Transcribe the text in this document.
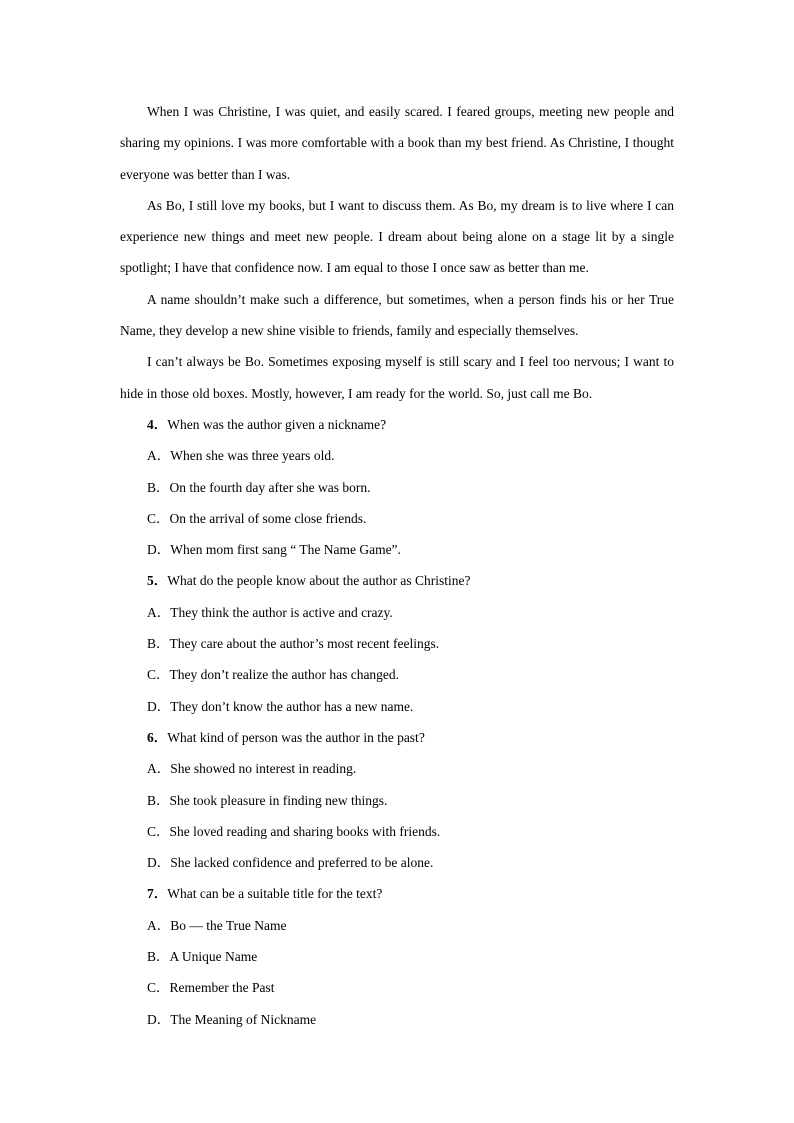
When I was Christine, I was quiet, and easily scared. I feared groups, meeting new people and sharing my opinions. I was more comfortable with a book than my best friend. As Christine, I thought everyone was better than I was.

As Bo, I still love my books, but I want to discuss them. As Bo, my dream is to live where I can experience new things and meet new people. I dream about being alone on a stage lit by a single spotlight; I have that confidence now. I am equal to those I once saw as better than me.

A name shouldn’t make such a difference, but sometimes, when a person finds his or her True Name, they develop a new shine visible to friends, family and especially themselves.

I can’t always be Bo. Sometimes exposing myself is still scary and I feel too nervous; I want to hide in those old boxes. Mostly, however, I am ready for the world. So, just call me Bo.

4．When was the author given a nickname?

A．When she was three years old.

B．On the fourth day after she was born.

C．On the arrival of some close friends.

D．When mom first sang “ The Name Game”.

5．What do the people know about the author as Christine?

A．They think the author is active and crazy.

B．They care about the author’s most recent feelings.

C．They don’t realize the author has changed.

D．They don’t know the author has a new name.

6．What kind of person was the author in the past?

A．She showed no interest in reading.

B．She took pleasure in finding new things.

C．She loved reading and sharing books with friends.

D．She lacked confidence and preferred to be alone.

7．What can be a suitable title for the text?

A．Bo — the True Name

B．A Unique Name

C．Remember the Past

D．The Meaning of Nickname
